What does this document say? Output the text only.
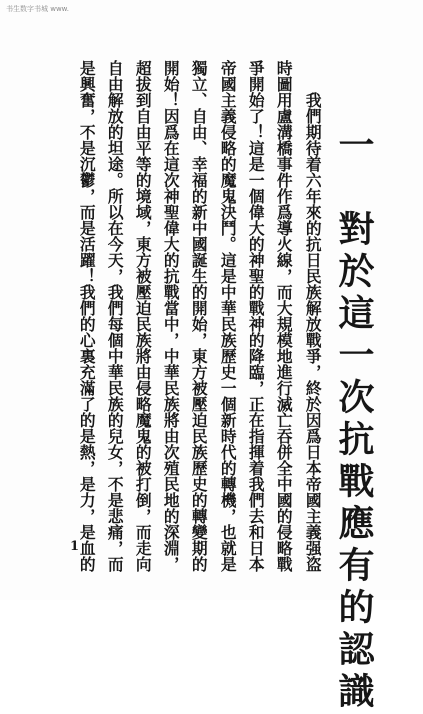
书生数字书城 www.
一　對於這一次抗戰應有的認識
我們期待着六年來的抗日民族解放戰爭，終於因爲日本帝國主義强盗
時圖用盧溝橋事件作爲導火線，而大規模地進行滅亡吞併全中國的侵略戰
爭開始了！這是一個偉大的神聖的戰神的降臨，正在指揮着我們去和日本
帝國主義侵略的魔鬼決鬥。這是中華民族歷史一個新時代的轉機，也就是
獨立、自由、幸福的新中國誕生的開始，東方被壓迫民族歷史的轉變期的
開始！因爲在這次神聖偉大的抗戰當中，中華民族將由次殖民地的深淵，
超拔到自由平等的境域，東方被壓迫民族將由侵略魔鬼的被打倒，而走向
自由解放的坦途。所以在今天，我們每個中華民族的兒女，不是悲痛，而
是興奮，不是沉鬱，而是活躍！我們的心裏充滿了的是熱，是力，是血的
1
